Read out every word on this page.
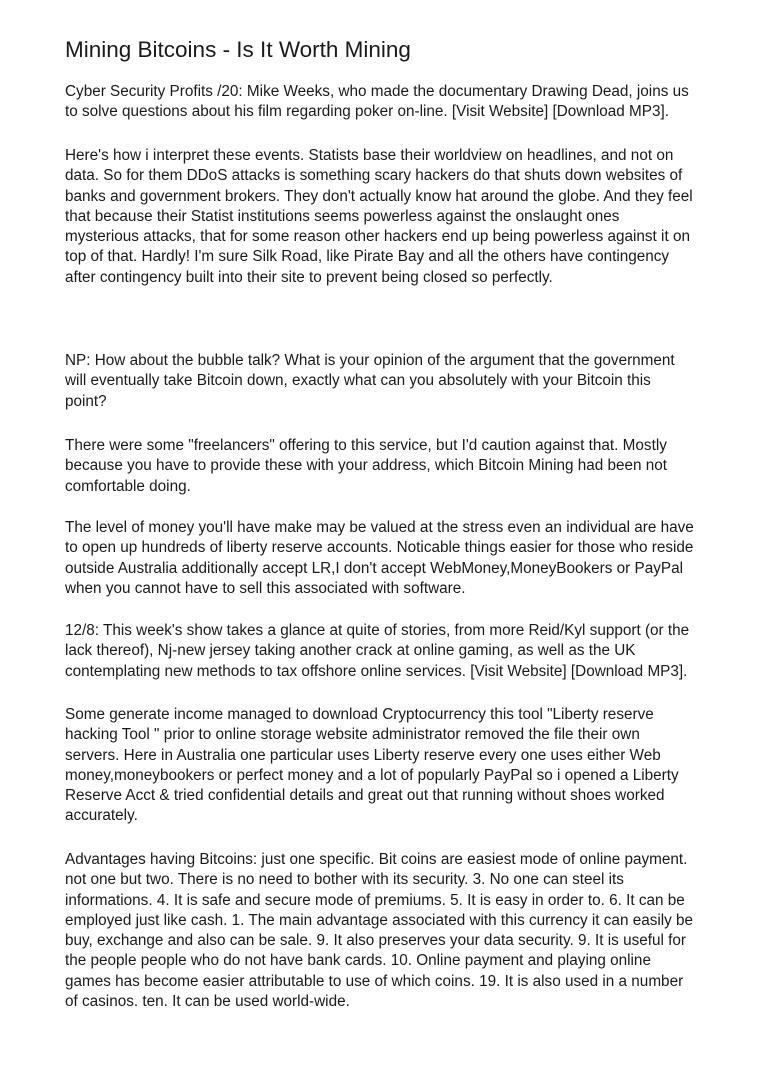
Mining Bitcoins - Is It Worth Mining

Cyber Security Profits /20: Mike Weeks, who made the documentary Drawing Dead, joins us
to solve questions about his film regarding poker on-line. [Visit Website] [Download MP3].

Here's how i interpret these events. Statists base their worldview on headlines, and not on
data. So for them DDoS attacks is something scary hackers do that shuts down websites of
banks and government brokers. They don't actually know hat around the globe. And they feel
that because their Statist institutions seems powerless against the onslaught ones
mysterious attacks, that for some reason other hackers end up being powerless against it on
top of that. Hardly! I'm sure Silk Road, like Pirate Bay and all the others have contingency
after contingency built into their site to prevent being closed so perfectly.

NP: How about the bubble talk? What is your opinion of the argument that the government
will eventually take Bitcoin down, exactly what can you absolutely with your Bitcoin this
point?

There were some "freelancers" offering to this service, but I'd caution against that. Mostly
because you have to provide these with your address, which Bitcoin Mining had been not
comfortable doing.

The level of money you'll have make may be valued at the stress even an individual are have
to open up hundreds of liberty reserve accounts. Noticable things easier for those who reside
outside Australia additionally accept LR,I don't accept WebMoney,MoneyBookers or PayPal
when you cannot have to sell this associated with software.

12/8: This week's show takes a glance at quite of stories, from more Reid/Kyl support (or the
lack thereof), Nj-new jersey taking another crack at online gaming, as well as the UK
contemplating new methods to tax offshore online services. [Visit Website] [Download MP3].

Some generate income managed to download Cryptocurrency this tool "Liberty reserve
hacking Tool " prior to online storage website administrator removed the file their own
servers. Here in Australia one particular uses Liberty reserve every one uses either Web
money,moneybookers or perfect money and a lot of popularly PayPal so i opened a Liberty
Reserve Acct & tried confidential details and great out that running without shoes worked
accurately.

Advantages having Bitcoins: just one specific. Bit coins are easiest mode of online payment.
not one but two. There is no need to bother with its security. 3. No one can steel its
informations. 4. It is safe and secure mode of premiums. 5. It is easy in order to. 6. It can be
employed just like cash. 1. The main advantage associated with this currency it can easily be
buy, exchange and also can be sale. 9. It also preserves your data security. 9. It is useful for
the people people who do not have bank cards. 10. Online payment and playing online
games has become easier attributable to use of which coins. 19. It is also used in a number
of casinos. ten. It can be used world-wide.
